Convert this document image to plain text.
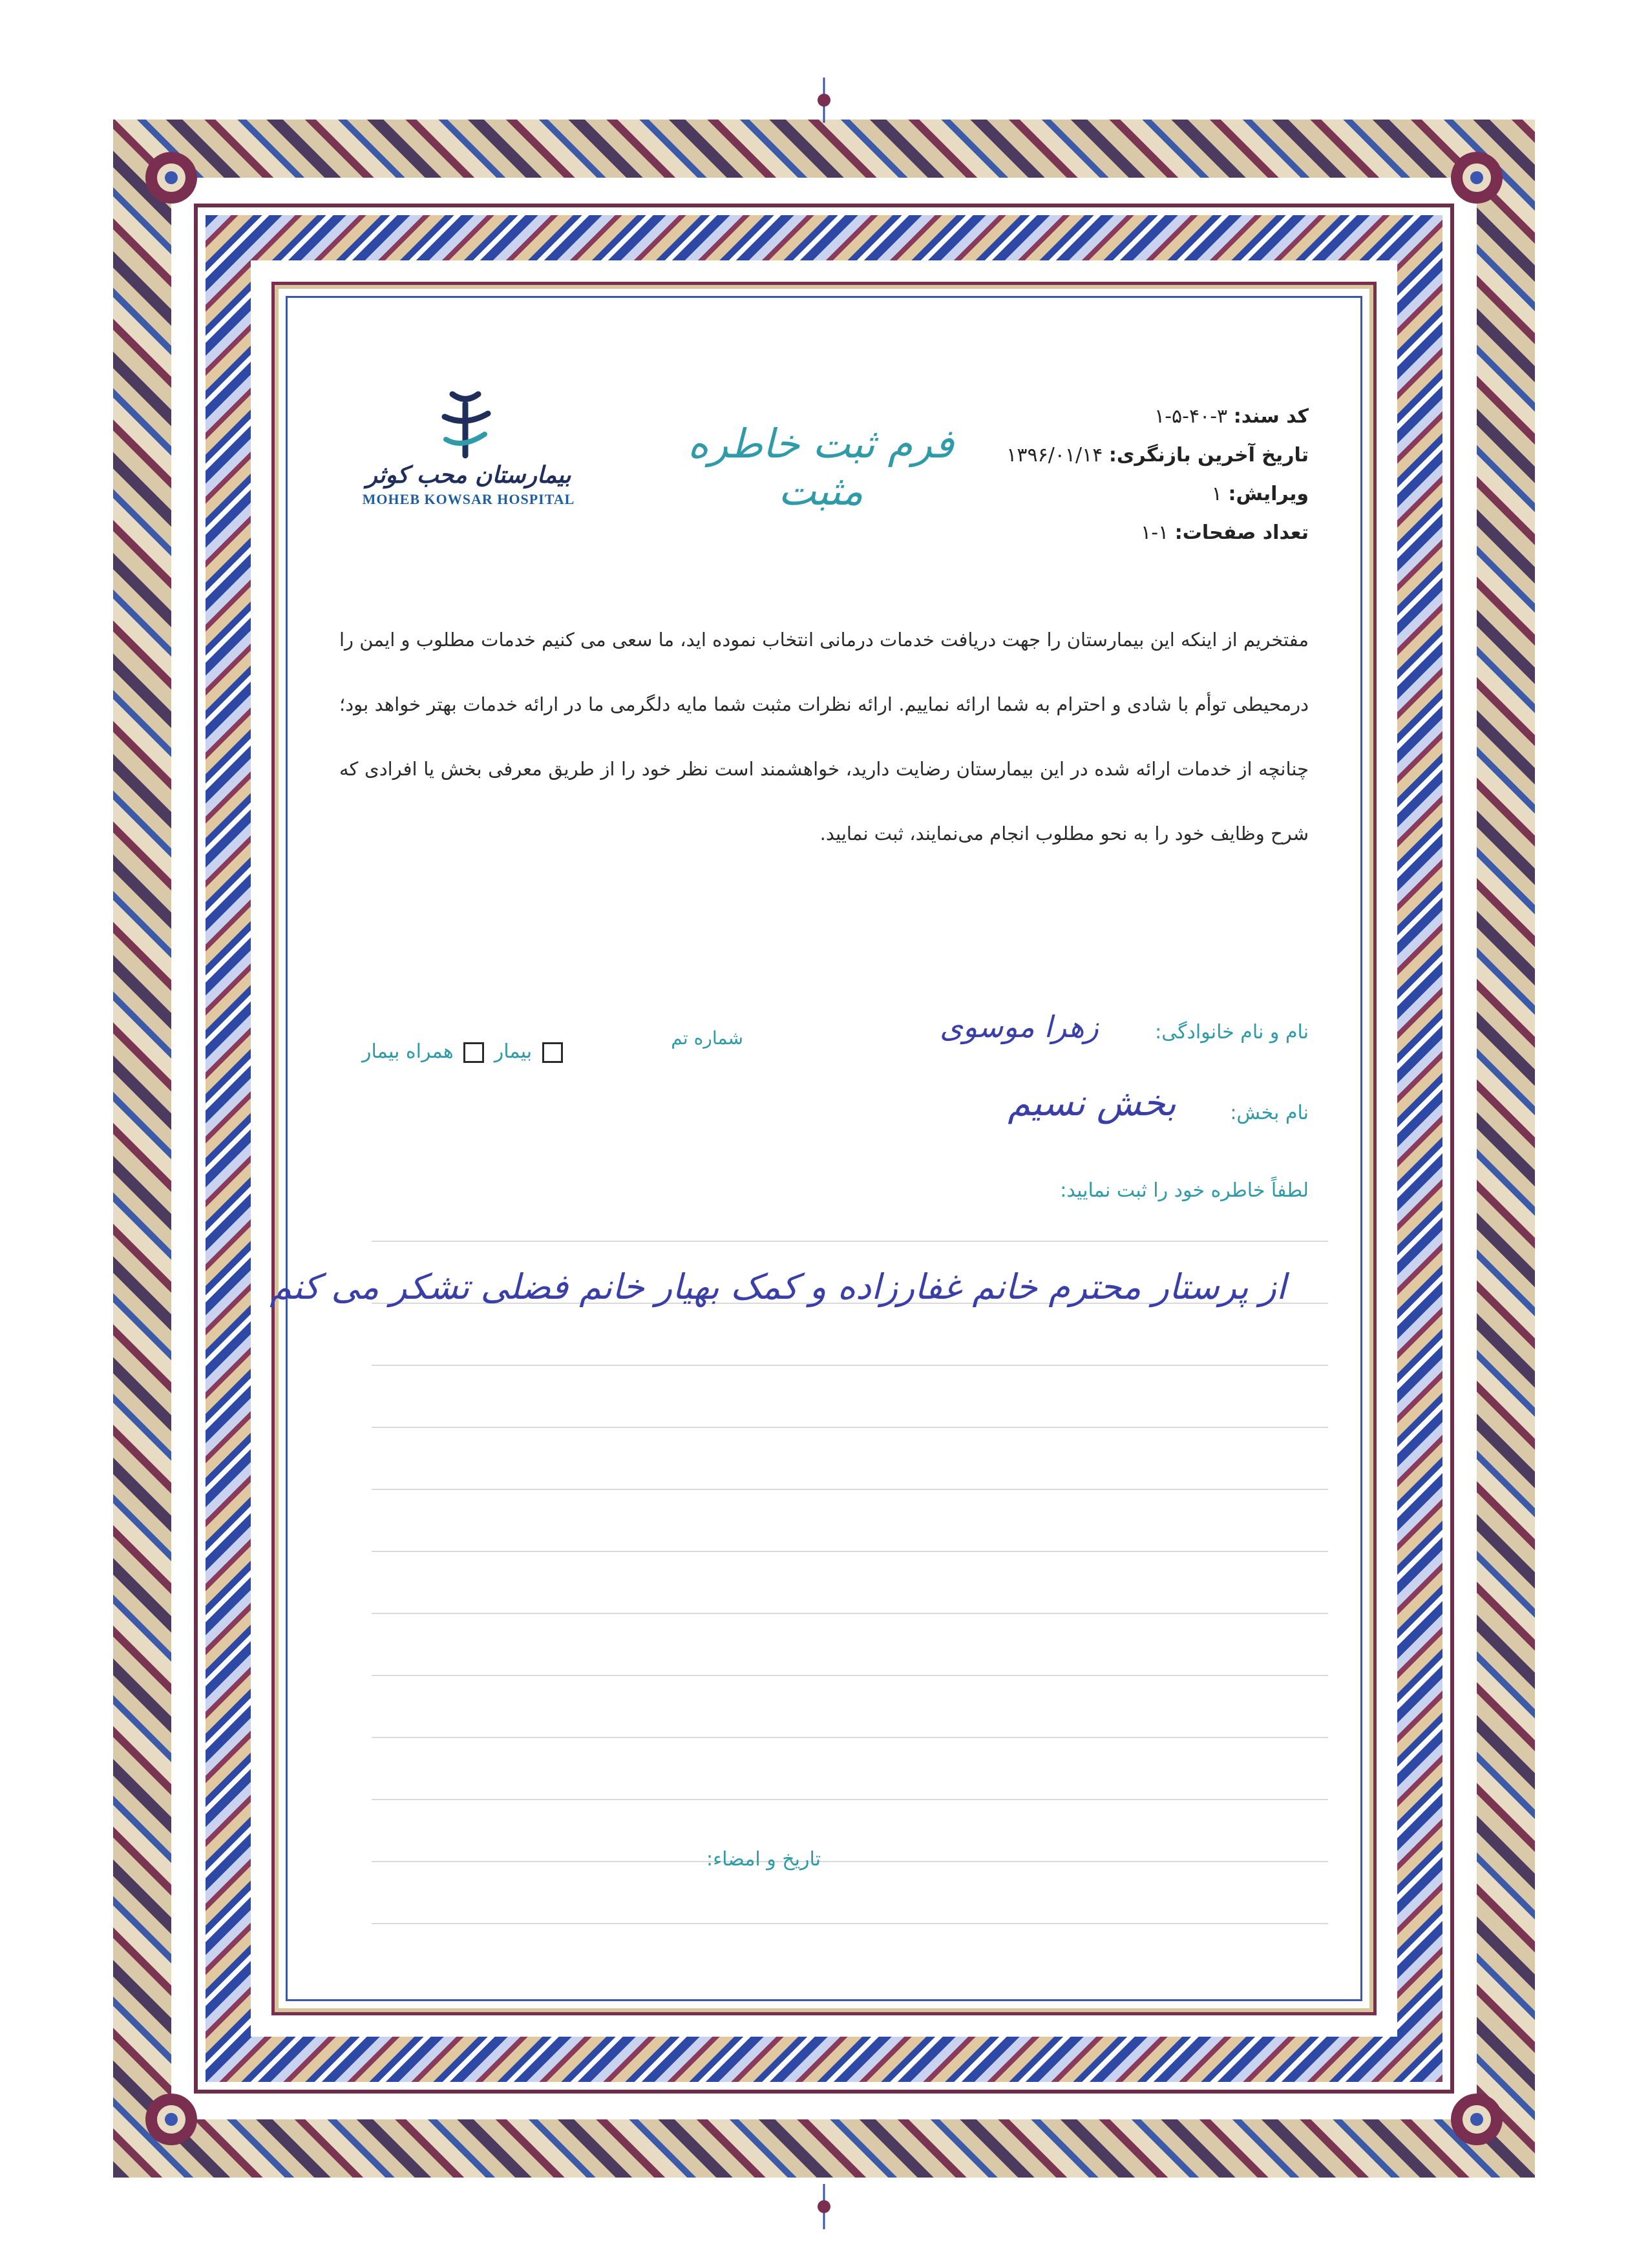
بیمارستان محب کوثر
MOHEB KOWSAR HOSPITAL
فرم ثبت خاطره مثبت
کد سند: ۳-۴۰-۵-۱
تاریخ آخرین بازنگری: ۱۳۹۶/۰۱/۱۴
ویرایش: ۱
تعداد صفحات: ۱-۱
مفتخریم از اینکه این بیمارستان را جهت دریافت خدمات درمانی انتخاب نموده اید، ما سعی می کنیم خدمات مطلوب و ایمن را درمحیطی توأم با شادی و احترام به شما ارائه نماییم. ارائه نظرات مثبت شما مایه دلگرمی ما در ارائه خدمات بهتر خواهد بود؛ چنانچه از خدمات ارائه شده در این بیمارستان رضایت دارید، خواهشمند است نظر خود را از طریق معرفی بخش یا افرادی که شرح وظایف خود را به نحو مطلوب انجام می‌نمایند، ثبت نمایید.
نام و نام خانوادگی:
زهرا موسوی
شماره تم
بیمار  همراه بیمار
نام بخش:
بخش نسیم
لطفاً خاطره خود را ثبت نمایید:
از پرستار محترم خانم غفارزاده و کمک بهیار خانم فضلی تشکر می کنم
تاریخ و امضاء:
